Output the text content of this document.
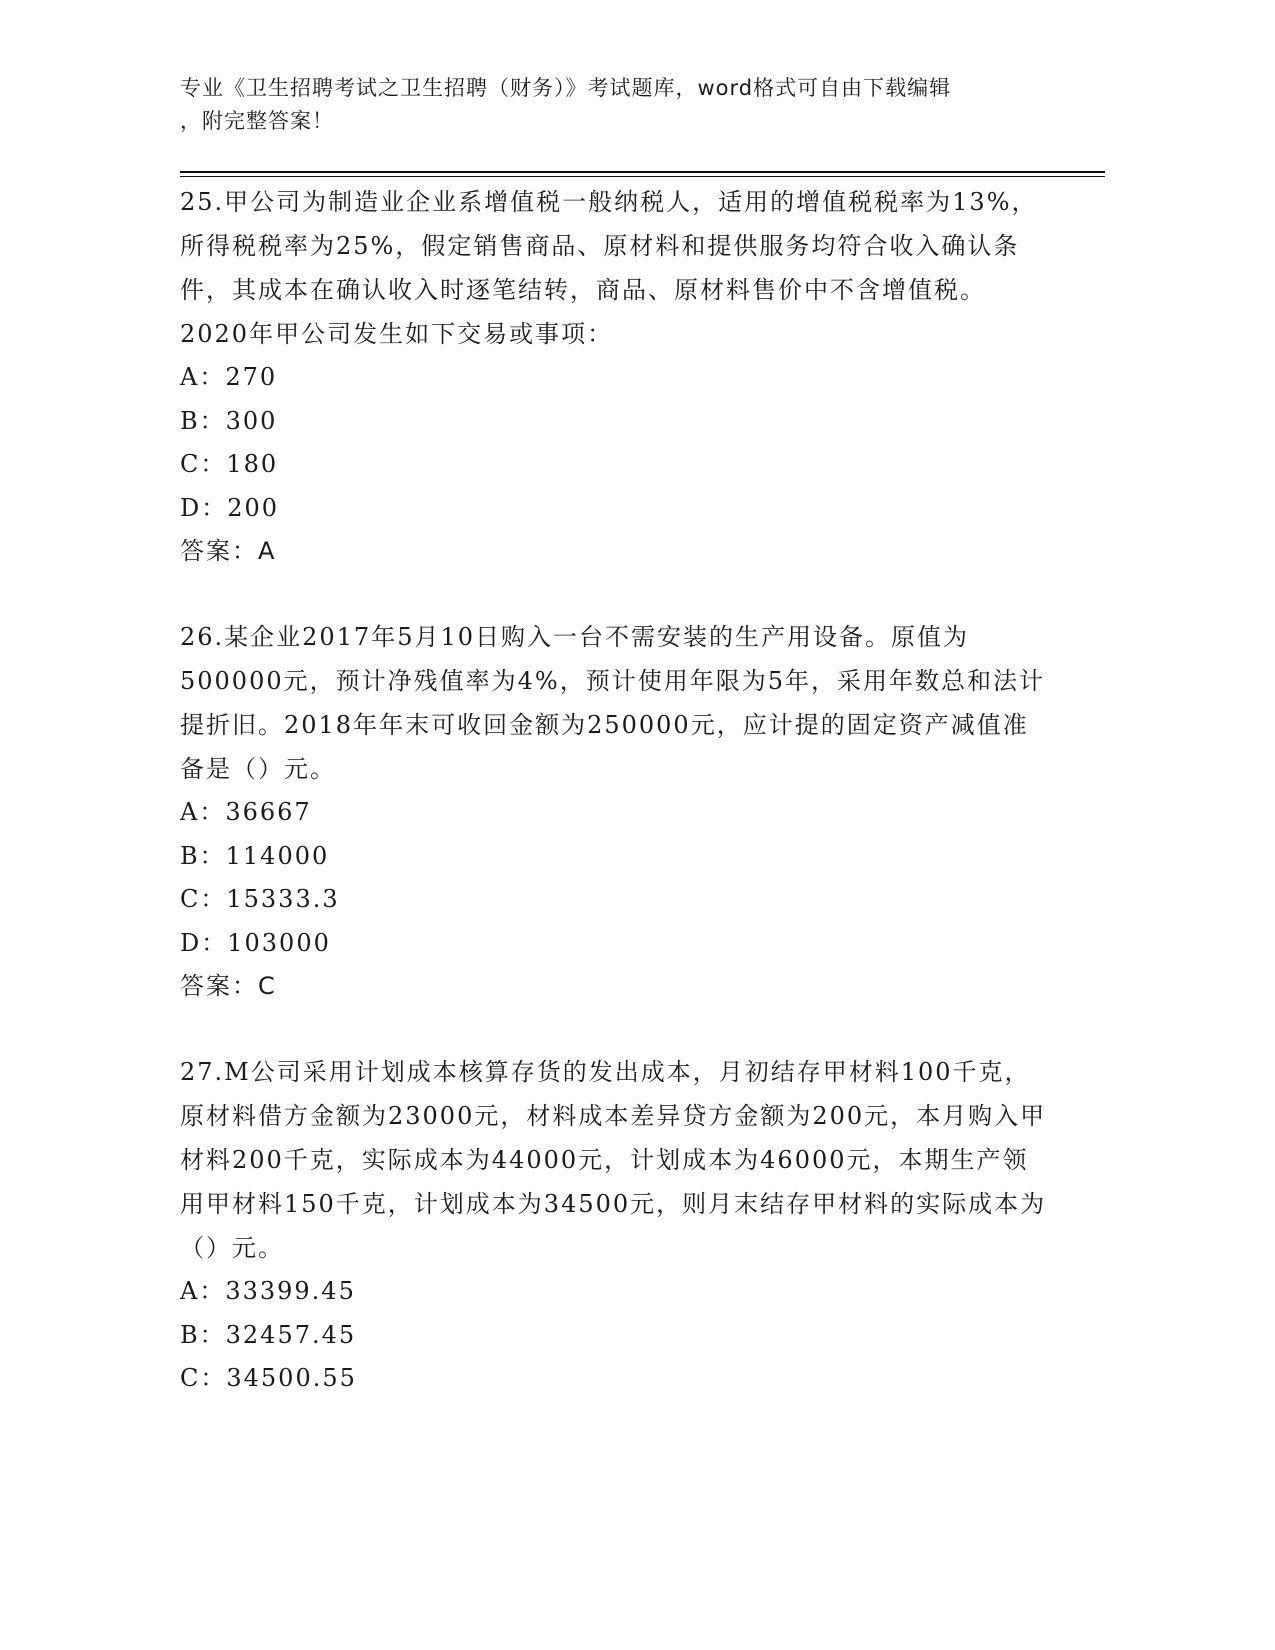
专业《卫生招聘考试之卫生招聘（财务）》考试题库，word格式可自由下载编辑
，附完整答案！

25.甲公司为制造业企业系增值税一般纳税人，适用的增值税税率为13%，所得税税率为25%，假定销售商品、原材料和提供服务均符合收入确认条件，其成本在确认收入时逐笔结转，商品、原材料售价中不含增值税。2020年甲公司发生如下交易或事项：

A：270

B：300

C：180

D：200

答案：A

26.某企业2017年5月10日购入一台不需安装的生产用设备。原值为500000元，预计净残值率为4%，预计使用年限为5年，采用年数总和法计提折旧。2018年年末可收回金额为250000元，应计提的固定资产减值准备是（）元。

A：36667

B：114000

C：15333.3

D：103000

答案：C

27.M公司采用计划成本核算存货的发出成本，月初结存甲材料100千克，原材料借方金额为23000元，材料成本差异贷方金额为200元，本月购入甲材料200千克，实际成本为44000元，计划成本为46000元，本期生产领用甲材料150千克，计划成本为34500元，则月末结存甲材料的实际成本为（）元。

A：33399.45

B：32457.45

C：34500.55
